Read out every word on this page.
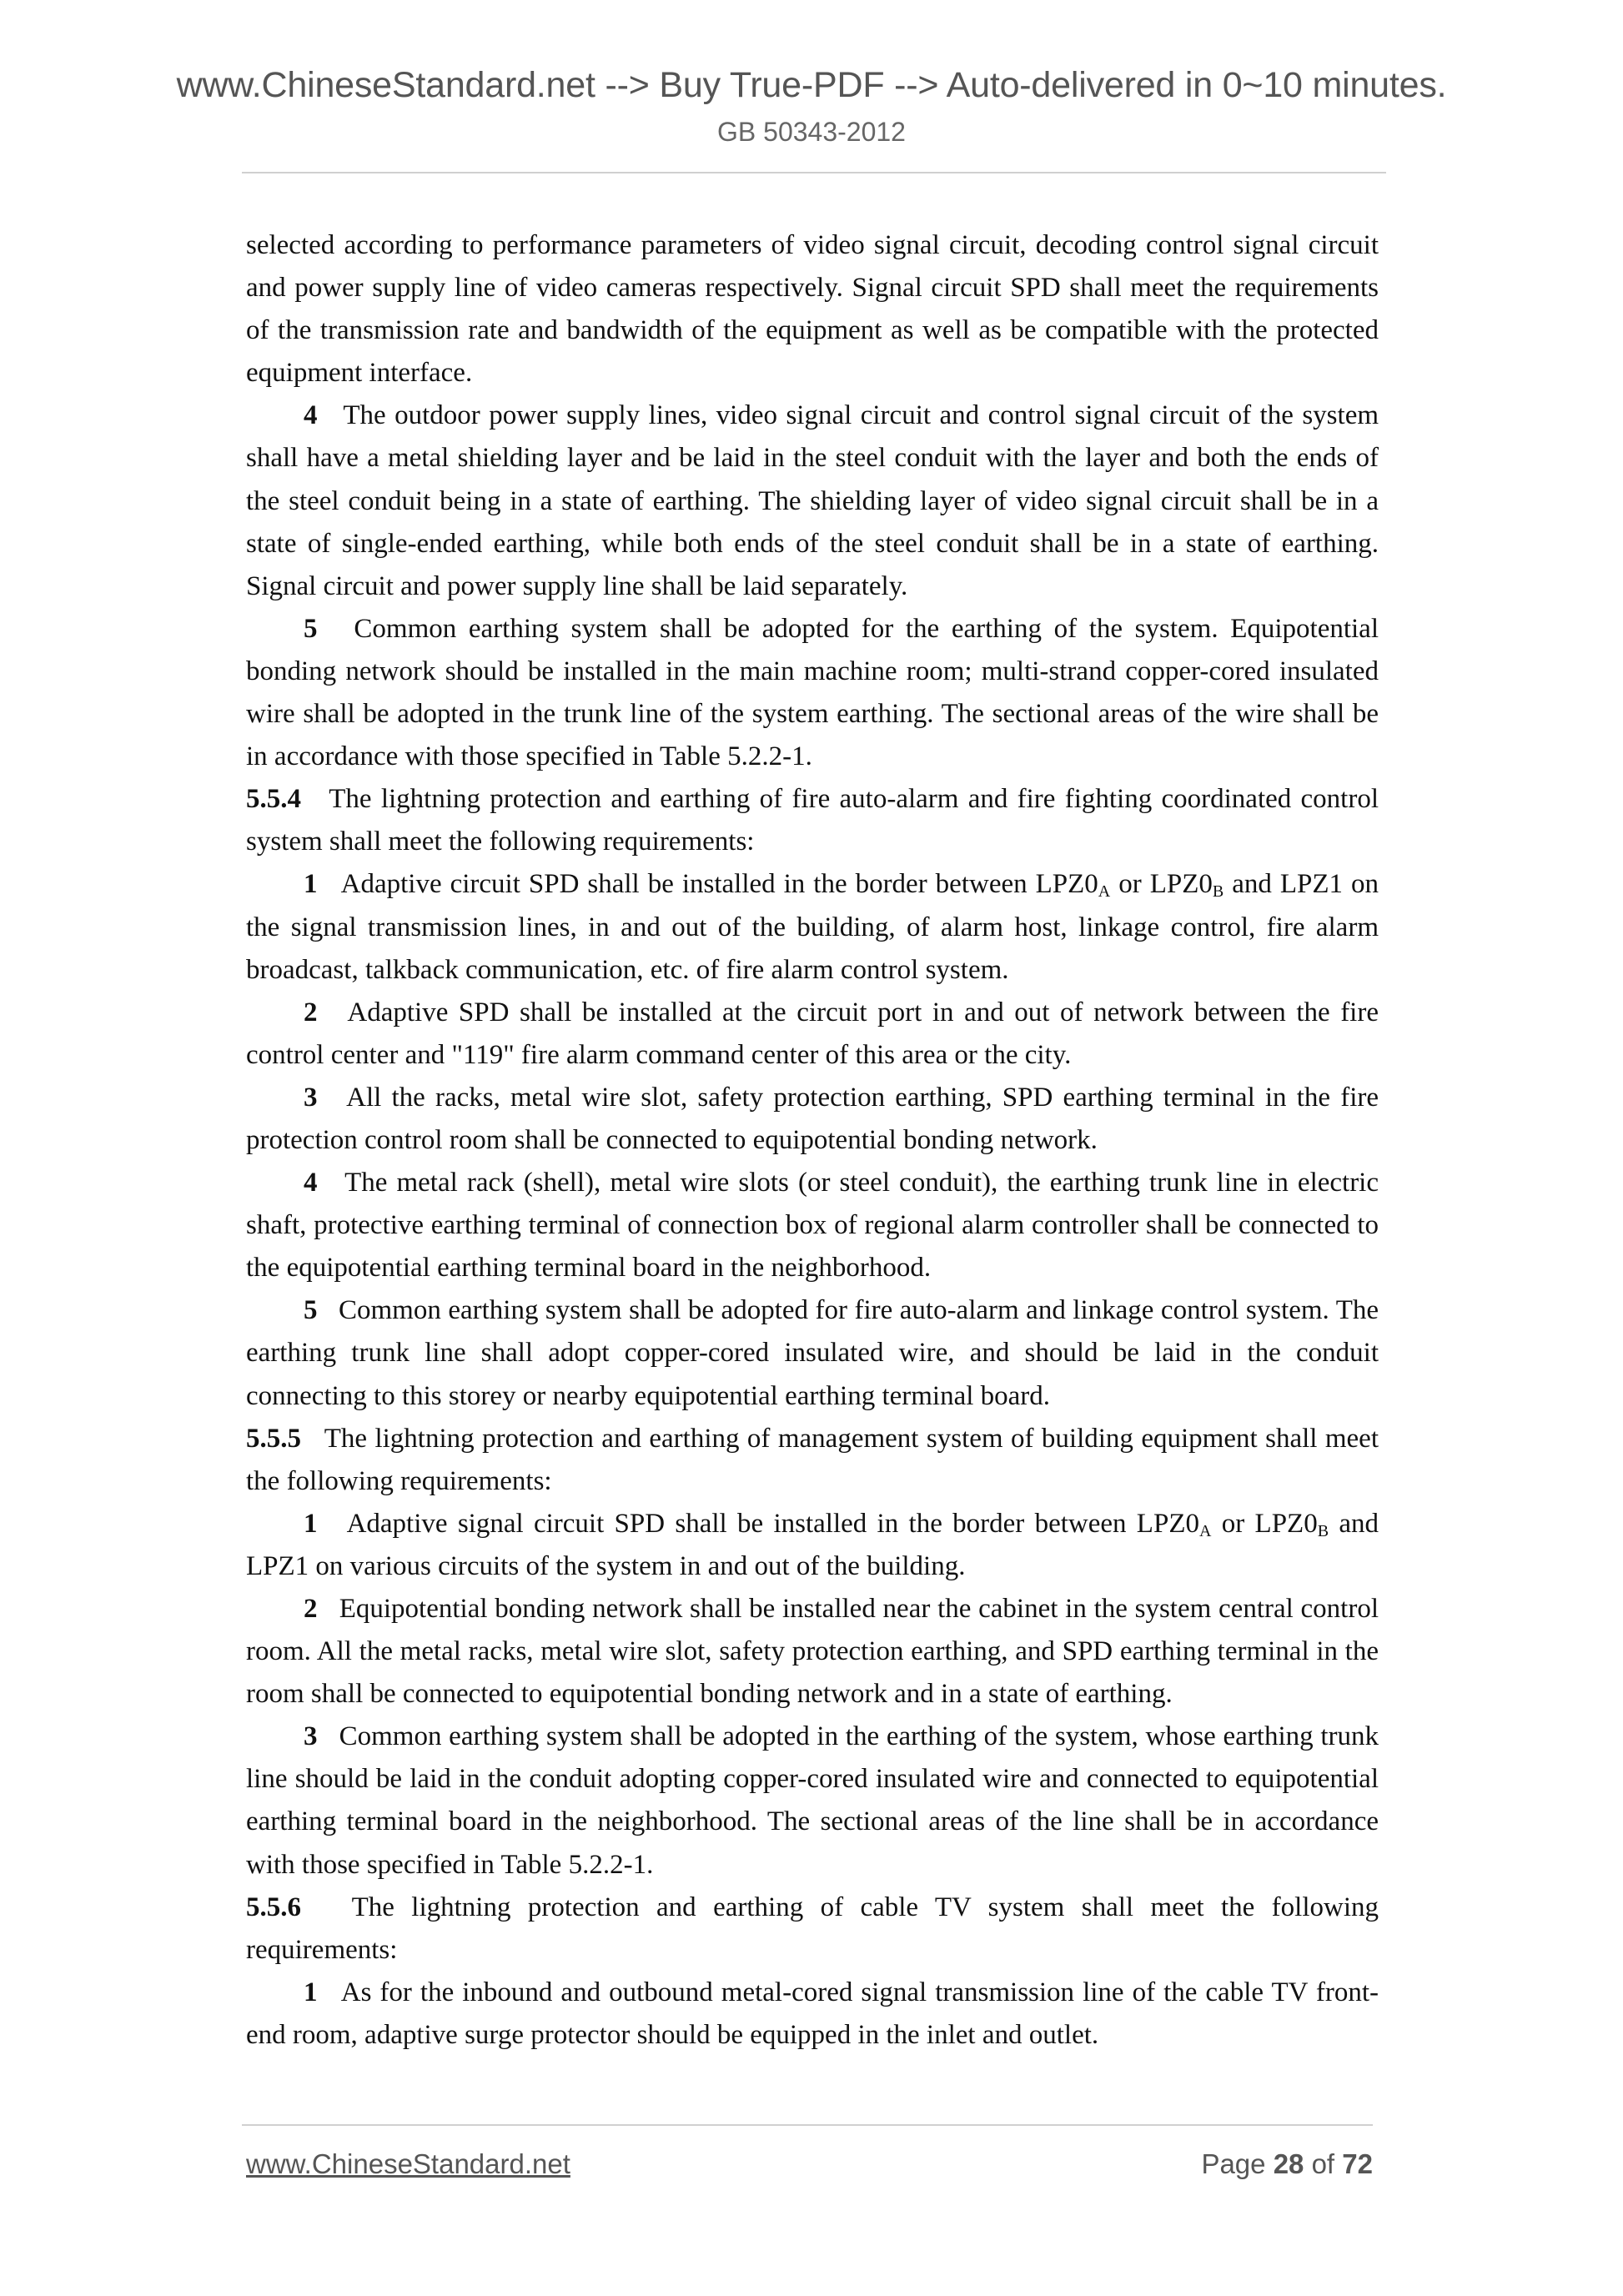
www.ChineseStandard.net --> Buy True-PDF --> Auto-delivered in 0~10 minutes.
GB 50343-2012

selected according to performance parameters of video signal circuit, decoding control signal circuit and power supply line of video cameras respectively. Signal circuit SPD shall meet the requirements of the transmission rate and bandwidth of the equipment as well as be compatible with the protected equipment interface.

4 The outdoor power supply lines, video signal circuit and control signal circuit of the system shall have a metal shielding layer and be laid in the steel conduit with the layer and both the ends of the steel conduit being in a state of earthing. The shielding layer of video signal circuit shall be in a state of single-ended earthing, while both ends of the steel conduit shall be in a state of earthing. Signal circuit and power supply line shall be laid separately.

5 Common earthing system shall be adopted for the earthing of the system. Equipotential bonding network should be installed in the main machine room; multi-strand copper-cored insulated wire shall be adopted in the trunk line of the system earthing. The sectional areas of the wire shall be in accordance with those specified in Table 5.2.2-1.

5.5.4 The lightning protection and earthing of fire auto-alarm and fire fighting coordinated control system shall meet the following requirements:

1 Adaptive circuit SPD shall be installed in the border between $LPZ0_A$ or $LPZ0_B$ and LPZ1 on the signal transmission lines, in and out of the building, of alarm host, linkage control, fire alarm broadcast, talkback communication, etc. of fire alarm control system.

2 Adaptive SPD shall be installed at the circuit port in and out of network between the fire control center and "119" fire alarm command center of this area or the city.

3 All the racks, metal wire slot, safety protection earthing, SPD earthing terminal in the fire protection control room shall be connected to equipotential bonding network.

4 The metal rack (shell), metal wire slots (or steel conduit), the earthing trunk line in electric shaft, protective earthing terminal of connection box of regional alarm controller shall be connected to the equipotential earthing terminal board in the neighborhood.

5 Common earthing system shall be adopted for fire auto-alarm and linkage control system. The earthing trunk line shall adopt copper-cored insulated wire, and should be laid in the conduit connecting to this storey or nearby equipotential earthing terminal board.

5.5.5 The lightning protection and earthing of management system of building equipment shall meet the following requirements:

1 Adaptive signal circuit SPD shall be installed in the border between $LPZ0_A$ or $LPZ0_B$ and LPZ1 on various circuits of the system in and out of the building.

2 Equipotential bonding network shall be installed near the cabinet in the system central control room. All the metal racks, metal wire slot, safety protection earthing, and SPD earthing terminal in the room shall be connected to equipotential bonding network and in a state of earthing.

3 Common earthing system shall be adopted in the earthing of the system, whose earthing trunk line should be laid in the conduit adopting copper-cored insulated wire and connected to equipotential earthing terminal board in the neighborhood. The sectional areas of the line shall be in accordance with those specified in Table 5.2.2-1.

5.5.6 The lightning protection and earthing of cable TV system shall meet the following requirements:

1 As for the inbound and outbound metal-cored signal transmission line of the cable TV front-end room, adaptive surge protector should be equipped in the inlet and outlet.

www.ChineseStandard.net	Page 28 of 72
